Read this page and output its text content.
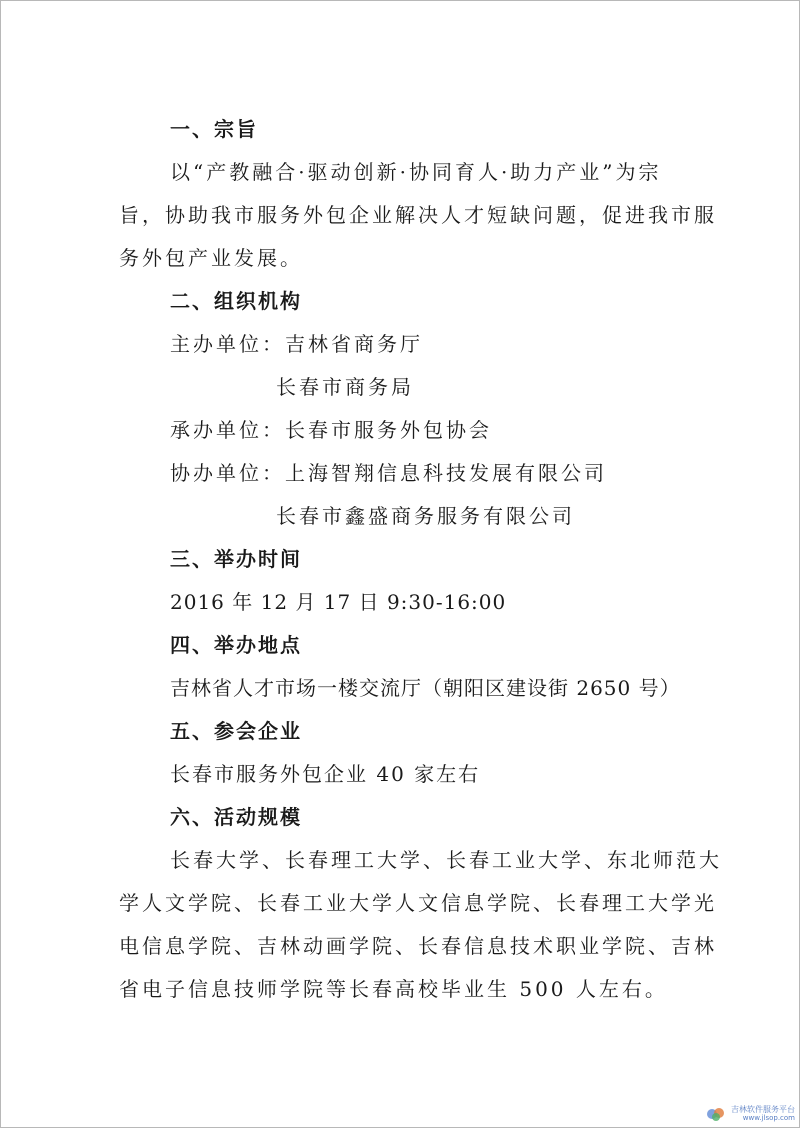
一、宗旨
以“产教融合·驱动创新·协同育人·助力产业”为宗
旨，协助我市服务外包企业解决人才短缺问题，促进我市服
务外包产业发展。
二、组织机构
主办单位：吉林省商务厅
长春市商务局
承办单位：长春市服务外包协会
协办单位：上海智翔信息科技发展有限公司
长春市鑫盛商务服务有限公司
三、举办时间
2016 年 12 月 17 日 9:30-16:00
四、举办地点
吉林省人才市场一楼交流厅（朝阳区建设街 2650 号）
五、参会企业
长春市服务外包企业 40 家左右
六、活动规模
长春大学、长春理工大学、长春工业大学、东北师范大
学人文学院、长春工业大学人文信息学院、长春理工大学光
电信息学院、吉林动画学院、长春信息技术职业学院、吉林
省电子信息技师学院等长春高校毕业生 500 人左右。
吉林软件服务平台
www.jlsop.com
